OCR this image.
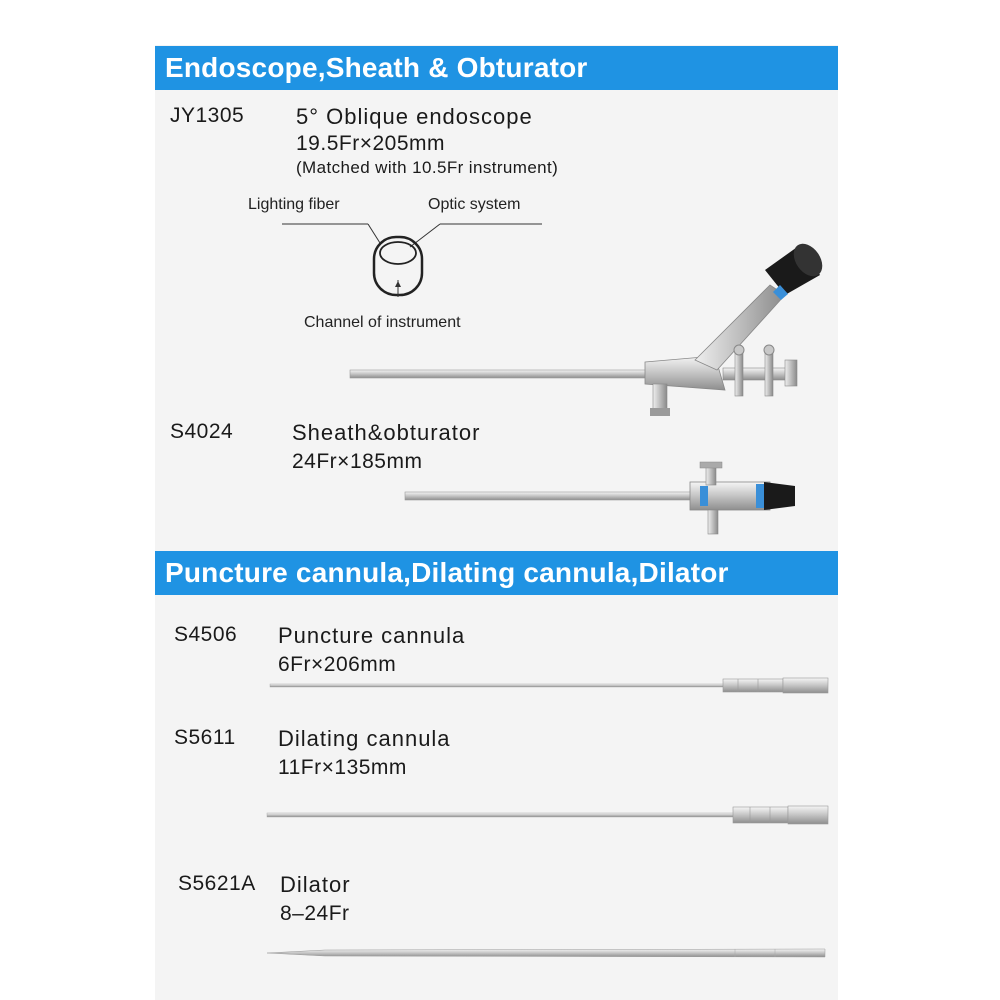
Endoscope,Sheath & Obturator
JY1305 5° Oblique endoscope
19.5Fr×205mm
(Matched with 10.5Fr instrument)
Lighting fiber	Optic system
Channel of instrument
S4024	Sheath&obturator
24Fr×185mm
Puncture cannula,Dilating cannula,Dilator
S4506 Puncture cannula
6Fr×206mm
S5611 Dilating cannula
11Fr×135mm
S5621A Dilator
8–24Fr
